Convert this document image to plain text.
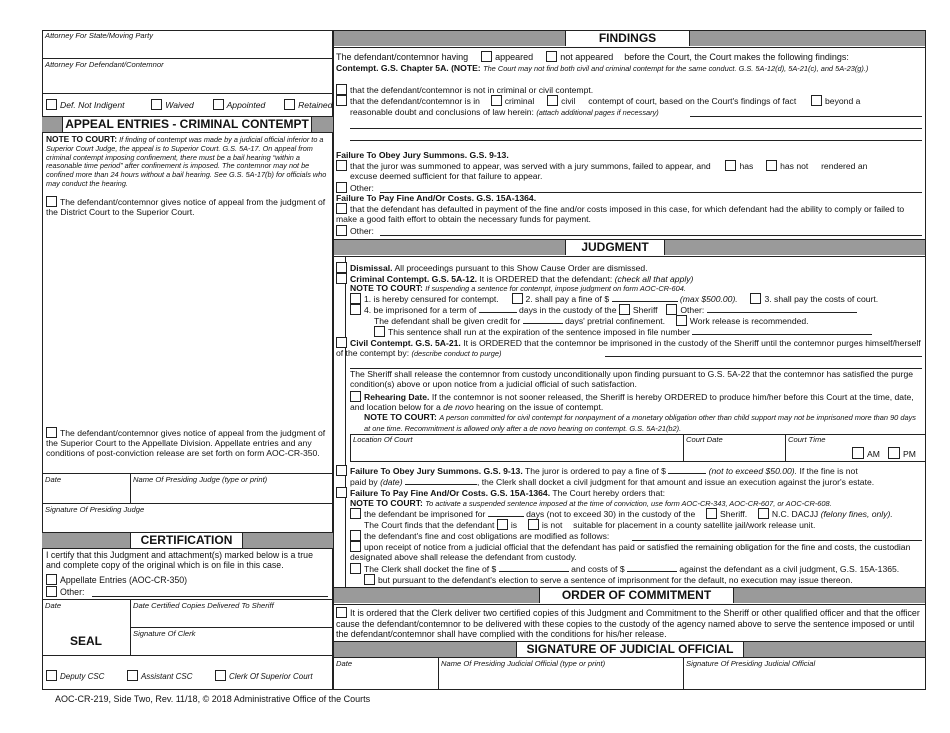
Attorney For State/Moving Party
Attorney For Defendant/Contemnor
Def. Not Indigent	Waived	Appointed	Retained
APPEAL ENTRIES - CRIMINAL CONTEMPT
NOTE TO COURT: If finding of contempt was made by a judicial official inferior to a Superior Court Judge, the appeal is to Superior Court. G.S. 5A-17. On appeal from criminal contempt imposing confinement, there must be a bail hearing “within a reasonable time period” after confinement is imposed. The contemnor may not be confined more than 24 hours without a bail hearing. See G.S. 5A-17(b) for officials who may conduct the hearing.
The defendant/contemnor gives notice of appeal from the judgment of the District Court to the Superior Court.
The defendant/contemnor gives notice of appeal from the judgment of the Superior Court to the Appellate Division. Appellate entries and any conditions of post-conviction release are set forth on form AOC-CR-350.
Date	Name Of Presiding Judge (type or print)
Signature Of Presiding Judge
CERTIFICATION
I certify that this Judgment and attachment(s) marked below is a true and complete copy of the original which is on file in this case.
Appellate Entries (AOC-CR-350)
Other:
Date	Date Certified Copies Delivered To Sheriff
SEAL
Signature Of Clerk
Deputy CSC	Assistant CSC	Clerk Of Superior Court
FINDINGS
The defendant/contemnor having	appeared	not appeared before the Court, the Court makes the following findings:
Contempt. G.S. Chapter 5A. (NOTE: The Court may not find both civil and criminal contempt for the same conduct. G.S. 5A-12(d), 5A-21(c), and 5A-23(g).)
that the defendant/contemnor is not in criminal or civil contempt.
that the defendant/contemnor is in	criminal	civil contempt of court, based on the Court's findings of fact	beyond a
reasonable doubt and conclusions of law herein: (attach additional pages if necessary)
Failure To Obey Jury Summons. G.S. 9-13.
that the juror was summoned to appear, was served with a jury summons, failed to appear, and	has	has not rendered an
excuse deemed sufficient for that failure to appear.
Other:
Failure To Pay Fine And/Or Costs. G.S. 15A-1364.
that the defendant has defaulted in payment of the fine and/or costs imposed in this case, for which defendant had the ability to comply or failed to make a good faith effort to obtain the necessary funds for payment.
Other:
JUDGMENT
Dismissal. All proceedings pursuant to this Show Cause Order are dismissed.
Criminal Contempt. G.S. 5A-12. It is ORDERED that the defendant: (check all that apply)
NOTE TO COURT: If suspending a sentence for contempt, impose judgment on form AOC-CR-604.
1. is hereby censured for contempt.	2. shall pay a fine of $	(max $500.00).	3. shall pay the costs of court.
4. be imprisoned for a term of	days in the custody of the Sheriff	Other:
The defendant shall be given credit for	days' pretrial confinement.	Work release is recommended.
This sentence shall run at the expiration of the sentence imposed in file number
Civil Contempt. G.S. 5A-21. It is ORDERED that the contemnor be imprisoned in the custody of the Sheriff until the contemnor purges himself/herself of the contempt by: (describe conduct to purge)
The Sheriff shall release the contemnor from custody unconditionally upon finding pursuant to G.S. 5A-22 that the contemnor has satisfied the purge condition(s) above or upon notice from a judicial official of such satisfaction.
Rehearing Date. If the contemnor is not sooner released, the Sheriff is hereby ORDERED to produce him/her before this Court at the time, date, and location below for a de novo hearing on the issue of contempt.
NOTE TO COURT: A person committed for civil contempt for nonpayment of a monetary obligation other than child support may not be imprisoned more than 90 days at one time. Recommitment is allowed only after a de novo hearing on contempt. G.S. 5A-21(b2).
Location Of Court	Court Date	Court Time
AM	PM
Failure To Obey Jury Summons. G.S. 9-13. The juror is ordered to pay a fine of $	(not to exceed $50.00). If the fine is not
paid by (date)	, the Clerk shall docket a civil judgment for that amount and issue an execution against the juror's estate.
Failure To Pay Fine And/Or Costs. G.S. 15A-1364. The Court hereby orders that:
NOTE TO COURT: To activate a suspended sentence imposed at the time of conviction, use form AOC-CR-343, AOC-CR-607, or AOC-CR-608.
the defendant be imprisoned for	days (not to exceed 30) in the custody of the	Sheriff.	N.C. DACJJ (felony fines, only).
The Court finds that the defendant is	is not suitable for placement in a county satellite jail/work release unit.
the defendant's fine and cost obligations are modified as follows:
upon receipt of notice from a judicial official that the defendant has paid or satisfied the remaining obligation for the fine and costs, the custodian designated above shall release the defendant from custody.
The Clerk shall docket the fine of $	and costs of $	against the defendant as a civil judgment, G.S. 15A-1365.
but pursuant to the defendant's election to serve a sentence of imprisonment for the default, no execution may issue thereon.
ORDER OF COMMITMENT
It is ordered that the Clerk deliver two certified copies of this Judgment and Commitment to the Sheriff or other qualified officer and that the officer cause the defendant/contemnor to be delivered with these copies to the custody of the agency named above to serve the sentence imposed or until the defendant/contemnor shall have complied with the conditions for his/her release.
SIGNATURE OF JUDICIAL OFFICIAL
Date	Name Of Presiding Judicial Official (type or print)	Signature Of Presiding Judicial Official
AOC-CR-219, Side Two, Rev. 11/18, © 2018 Administrative Office of the Courts
